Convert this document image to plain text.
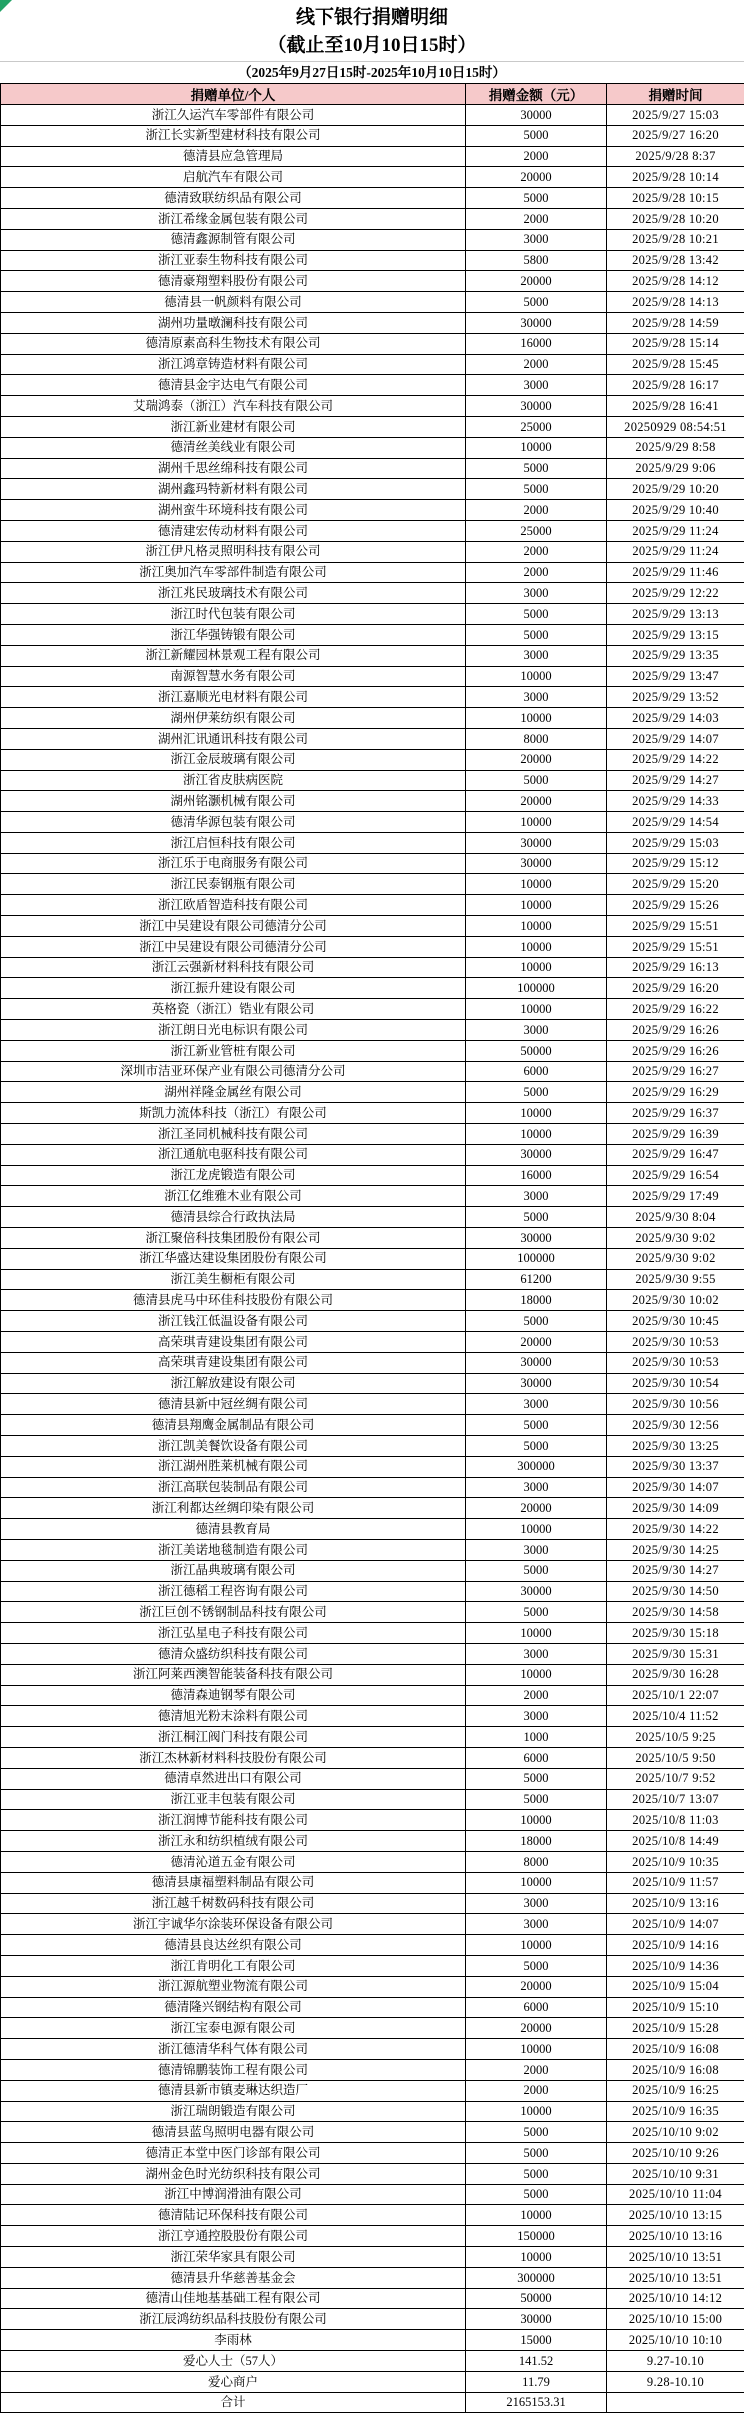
线下银行捐赠明细
（截止至10月10日15时）
（2025年9月27日15时-2025年10月10日15时）
捐赠单位/个人	捐赠金额（元）	捐赠时间
浙江久运汽车零部件有限公司	30000	2025/9/27 15:03
浙江长实新型建材科技有限公司	5000	2025/9/27 16:20
德清县应急管理局	2000	2025/9/28 8:37
启航汽车有限公司	20000	2025/9/28 10:14
德清致联纺织品有限公司	5000	2025/9/28 10:15
浙江希缘金属包装有限公司	2000	2025/9/28 10:20
德清鑫源制管有限公司	3000	2025/9/28 10:21
浙江亚泰生物科技有限公司	5800	2025/9/28 13:42
德清豪翔塑料股份有限公司	20000	2025/9/28 14:12
德清县一帆颜料有限公司	5000	2025/9/28 14:13
湖州功量暾澜科技有限公司	30000	2025/9/28 14:59
德清原素高科生物技术有限公司	16000	2025/9/28 15:14
浙江鸿章铸造材料有限公司	2000	2025/9/28 15:45
德清县金宇达电气有限公司	3000	2025/9/28 16:17
艾瑞鸿泰（浙江）汽车科技有限公司	30000	2025/9/28 16:41
浙江新业建材有限公司	25000	20250929 08:54:51
德清丝美线业有限公司	10000	2025/9/29 8:58
湖州千思丝绵科技有限公司	5000	2025/9/29 9:06
湖州鑫玛特新材料有限公司	5000	2025/9/29 10:20
湖州蛮牛环境科技有限公司	2000	2025/9/29 10:40
德清建宏传动材料有限公司	25000	2025/9/29 11:24
浙江伊凡格灵照明科技有限公司	2000	2025/9/29 11:24
浙江奥加汽车零部件制造有限公司	2000	2025/9/29 11:46
浙江兆民玻璃技术有限公司	3000	2025/9/29 12:22
浙江时代包装有限公司	5000	2025/9/29 13:13
浙江华强铸锻有限公司	5000	2025/9/29 13:15
浙江新耀园林景观工程有限公司	3000	2025/9/29 13:35
南源智慧水务有限公司	10000	2025/9/29 13:47
浙江嘉顺光电材料有限公司	3000	2025/9/29 13:52
湖州伊莱纺织有限公司	10000	2025/9/29 14:03
湖州汇讯通讯科技有限公司	8000	2025/9/29 14:07
浙江金辰玻璃有限公司	20000	2025/9/29 14:22
浙江省皮肤病医院	5000	2025/9/29 14:27
湖州铭灏机械有限公司	20000	2025/9/29 14:33
德清华源包装有限公司	10000	2025/9/29 14:54
浙江启恒科技有限公司	30000	2025/9/29 15:03
浙江乐于电商服务有限公司	30000	2025/9/29 15:12
浙江民泰钢瓶有限公司	10000	2025/9/29 15:20
浙江欧盾智造科技有限公司	10000	2025/9/29 15:26
浙江中吴建设有限公司德清分公司	10000	2025/9/29 15:51
浙江中吴建设有限公司德清分公司	10000	2025/9/29 15:51
浙江云强新材料科技有限公司	10000	2025/9/29 16:13
浙江振升建设有限公司	100000	2025/9/29 16:20
英格瓷（浙江）锆业有限公司	10000	2025/9/29 16:22
浙江朗日光电标识有限公司	3000	2025/9/29 16:26
浙江新业管桩有限公司	50000	2025/9/29 16:26
深圳市洁亚环保产业有限公司德清分公司	6000	2025/9/29 16:27
湖州祥隆金属丝有限公司	5000	2025/9/29 16:29
斯凯力流体科技（浙江）有限公司	10000	2025/9/29 16:37
浙江圣同机械科技有限公司	10000	2025/9/29 16:39
浙江通航电驱科技有限公司	30000	2025/9/29 16:47
浙江龙虎锻造有限公司	16000	2025/9/29 16:54
浙江亿维雅木业有限公司	3000	2025/9/29 17:49
德清县综合行政执法局	5000	2025/9/30 8:04
浙江聚倍科技集团股份有限公司	30000	2025/9/30 9:02
浙江华盛达建设集团股份有限公司	100000	2025/9/30 9:02
浙江美生橱柜有限公司	61200	2025/9/30 9:55
德清县虎马中环佳科技股份有限公司	18000	2025/9/30 10:02
浙江钱江低温设备有限公司	5000	2025/9/30 10:45
高荣琪青建设集团有限公司	20000	2025/9/30 10:53
高荣琪青建设集团有限公司	30000	2025/9/30 10:53
浙江解放建设有限公司	30000	2025/9/30 10:54
德清县新中冠丝绸有限公司	3000	2025/9/30 10:56
德清县翔鹰金属制品有限公司	5000	2025/9/30 12:56
浙江凯美餐饮设备有限公司	5000	2025/9/30 13:25
浙江湖州胜莱机械有限公司	300000	2025/9/30 13:37
浙江高联包装制品有限公司	3000	2025/9/30 14:07
浙江利都达丝绸印染有限公司	20000	2025/9/30 14:09
德清县教育局	10000	2025/9/30 14:22
浙江美诺地毯制造有限公司	3000	2025/9/30 14:25
浙江晶典玻璃有限公司	5000	2025/9/30 14:27
浙江德稻工程咨询有限公司	30000	2025/9/30 14:50
浙江巨创不锈钢制品科技有限公司	5000	2025/9/30 14:58
浙江弘星电子科技有限公司	10000	2025/9/30 15:18
德清众盛纺织科技有限公司	3000	2025/9/30 15:31
浙江阿莱西澳智能装备科技有限公司	10000	2025/9/30 16:28
德清森迪钢琴有限公司	2000	2025/10/1 22:07
德清旭光粉末涂料有限公司	3000	2025/10/4 11:52
浙江桐江阀门科技有限公司	1000	2025/10/5 9:25
浙江杰林新材料科技股份有限公司	6000	2025/10/5 9:50
德清卓然进出口有限公司	5000	2025/10/7 9:52
浙江亚丰包装有限公司	5000	2025/10/7 13:07
浙江润博节能科技有限公司	10000	2025/10/8 11:03
浙江永和纺织植绒有限公司	18000	2025/10/8 14:49
德清沁道五金有限公司	8000	2025/10/9 10:35
德清县康福塑料制品有限公司	10000	2025/10/9 11:57
浙江越千树数码科技有限公司	3000	2025/10/9 13:16
浙江宇诚华尔涂装环保设备有限公司	3000	2025/10/9 14:07
德清县良达丝织有限公司	10000	2025/10/9 14:16
浙江肯明化工有限公司	5000	2025/10/9 14:36
浙江源航塑业物流有限公司	20000	2025/10/9 15:04
德清隆兴钢结构有限公司	6000	2025/10/9 15:10
浙江宝泰电源有限公司	20000	2025/10/9 15:28
浙江德清华科气体有限公司	10000	2025/10/9 16:08
德清锦鹏装饰工程有限公司	2000	2025/10/9 16:08
德清县新市镇麦琳达织造厂	2000	2025/10/9 16:25
浙江瑞朗锻造有限公司	10000	2025/10/9 16:35
德清县蓝鸟照明电器有限公司	5000	2025/10/10 9:02
德清正本堂中医门诊部有限公司	5000	2025/10/10 9:26
湖州金色时光纺织科技有限公司	5000	2025/10/10 9:31
浙江中博润滑油有限公司	5000	2025/10/10 11:04
德清陆记环保科技有限公司	10000	2025/10/10 13:15
浙江亨通控股股份有限公司	150000	2025/10/10 13:16
浙江荣华家具有限公司	10000	2025/10/10 13:51
德清县升华慈善基金会	300000	2025/10/10 13:51
德清山佳地基基础工程有限公司	50000	2025/10/10 14:12
浙江辰鸿纺织品科技股份有限公司	30000	2025/10/10 15:00
李雨林	15000	2025/10/10 10:10
爱心人士（57人）	141.52	9.27-10.10
爱心商户	11.79	9.28-10.10
合计	2165153.31	
